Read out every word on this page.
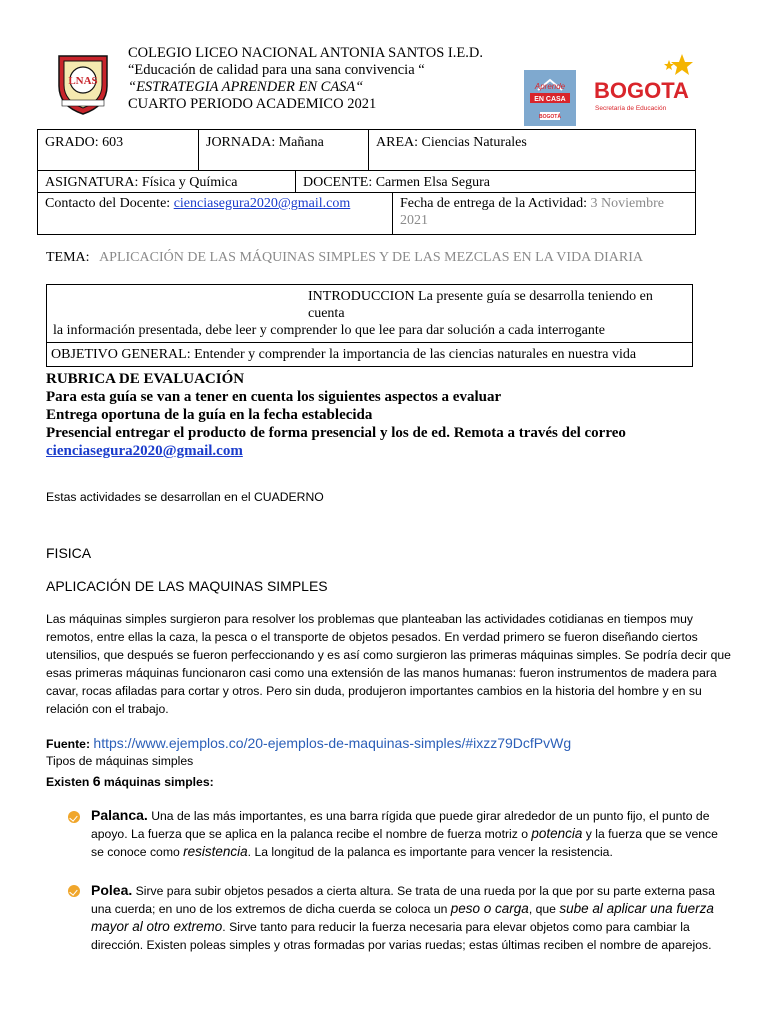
LNAS
COLEGIO LICEO NACIONAL ANTONIA SANTOS I.E.D.
“Educación de calidad para una sana convivencia “
“ESTRATEGIA APRENDER EN CASA“
CUARTO PERIODO ACADEMICO 2021
Aprende
EN CASA
BOGOTÁ
BOGOTA
Secretaría de Educación
GRADO: 603	JORNADA: Mañana	AREA: Ciencias Naturales
ASIGNATURA: Física y Química	DOCENTE: Carmen Elsa Segura
Contacto del Docente: cienciasegura2020@gmail.com	Fecha de entrega de la Actividad: 3 Noviembre 2021
TEMA: APLICACIÓN DE LAS MÁQUINAS SIMPLES Y DE LAS MEZCLAS EN LA VIDA DIARIA
INTRODUCCION La presente guía se desarrolla teniendo en cuenta
la información presentada, debe leer y comprender lo que lee para dar solución a cada interrogante
OBJETIVO GENERAL: Entender y comprender la importancia de las ciencias naturales en nuestra vida
RUBRICA DE EVALUACIÓN
Para esta guía se van a tener en cuenta los siguientes aspectos a evaluar
Entrega oportuna de la guía en la fecha establecida
Presencial entregar el producto de forma presencial y los de ed. Remota a través del correo
cienciasegura2020@gmail.com
Estas actividades se desarrollan en el CUADERNO
FISICA
APLICACIÓN DE LAS MAQUINAS SIMPLES
Las máquinas simples surgieron para resolver los problemas que planteaban las actividades cotidianas en tiempos muy remotos, entre ellas la caza, la pesca o el transporte de objetos pesados. En verdad primero se fueron diseñando ciertos utensilios, que después se fueron perfeccionando y es así como surgieron las primeras máquinas simples. Se podría decir que esas primeras máquinas funcionaron casi como una extensión de las manos humanas: fueron instrumentos de madera para cavar, rocas afiladas para cortar y otros. Pero sin duda, produjeron importantes cambios en la historia del hombre y en su relación con el trabajo.
Fuente: https://www.ejemplos.co/20-ejemplos-de-maquinas-simples/#ixzz79DcfPvWg
Tipos de máquinas simples
Existen 6 máquinas simples:
Palanca. Una de las más importantes, es una barra rígida que puede girar alrededor de un punto fijo, el punto de apoyo. La fuerza que se aplica en la palanca recibe el nombre de fuerza motriz o potencia y la fuerza que se vence se conoce como resistencia. La longitud de la palanca es importante para vencer la resistencia.
Polea. Sirve para subir objetos pesados a cierta altura. Se trata de una rueda por la que por su parte externa pasa una cuerda; en uno de los extremos de dicha cuerda se coloca un peso o carga, que sube al aplicar una fuerza mayor al otro extremo. Sirve tanto para reducir la fuerza necesaria para elevar objetos como para cambiar la dirección. Existen poleas simples y otras formadas por varias ruedas; estas últimas reciben el nombre de aparejos.
